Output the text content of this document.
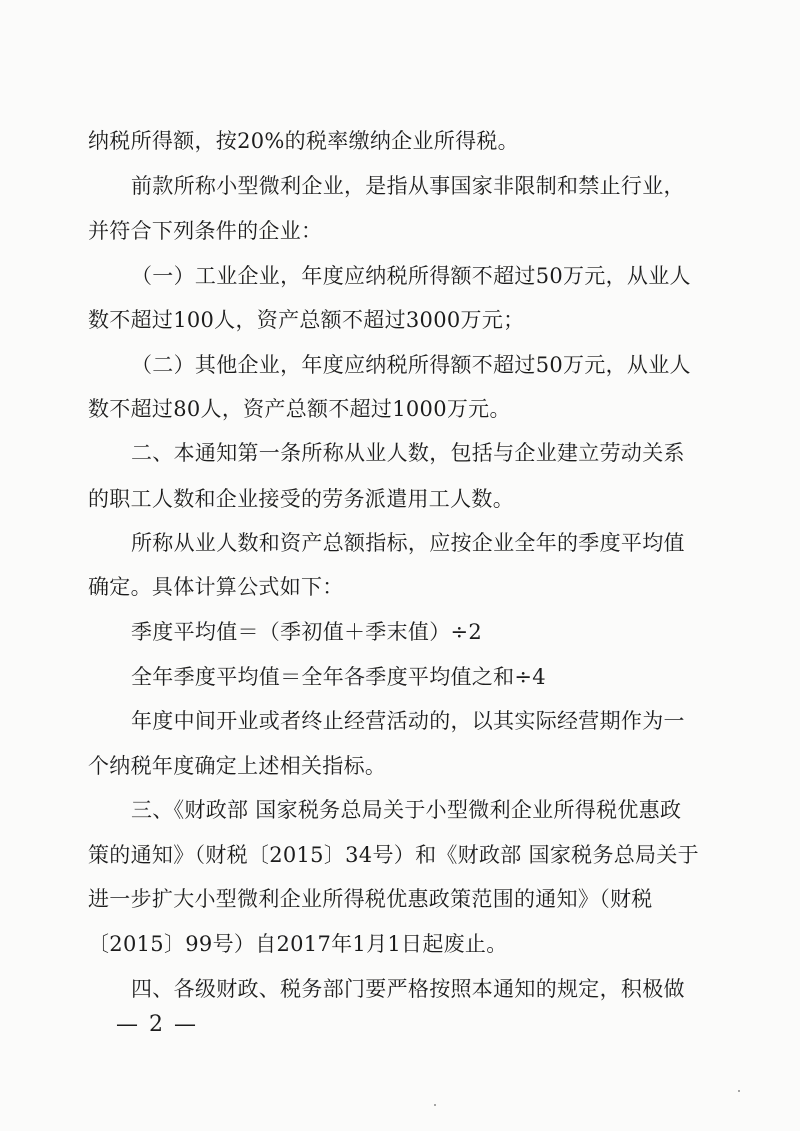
纳税所得额，按20%的税率缴纳企业所得税。
前款所称小型微利企业，是指从事国家非限制和禁止行业，
并符合下列条件的企业：
（一）工业企业，年度应纳税所得额不超过50万元，从业人
数不超过100人，资产总额不超过3000万元；
（二）其他企业，年度应纳税所得额不超过50万元，从业人
数不超过80人，资产总额不超过1000万元。
二、本通知第一条所称从业人数，包括与企业建立劳动关系
的职工人数和企业接受的劳务派遣用工人数。
所称从业人数和资产总额指标，应按企业全年的季度平均值
确定。具体计算公式如下：
季度平均值＝（季初值＋季末值）÷2
全年季度平均值＝全年各季度平均值之和÷4
年度中间开业或者终止经营活动的，以其实际经营期作为一
个纳税年度确定上述相关指标。
三、《财政部 国家税务总局关于小型微利企业所得税优惠政
策的通知》（财税〔2015〕34号）和《财政部 国家税务总局关于
进一步扩大小型微利企业所得税优惠政策范围的通知》（财税
〔2015〕99号）自2017年1月1日起废止。
四、各级财政、税务部门要严格按照本通知的规定，积极做
— 2 —
